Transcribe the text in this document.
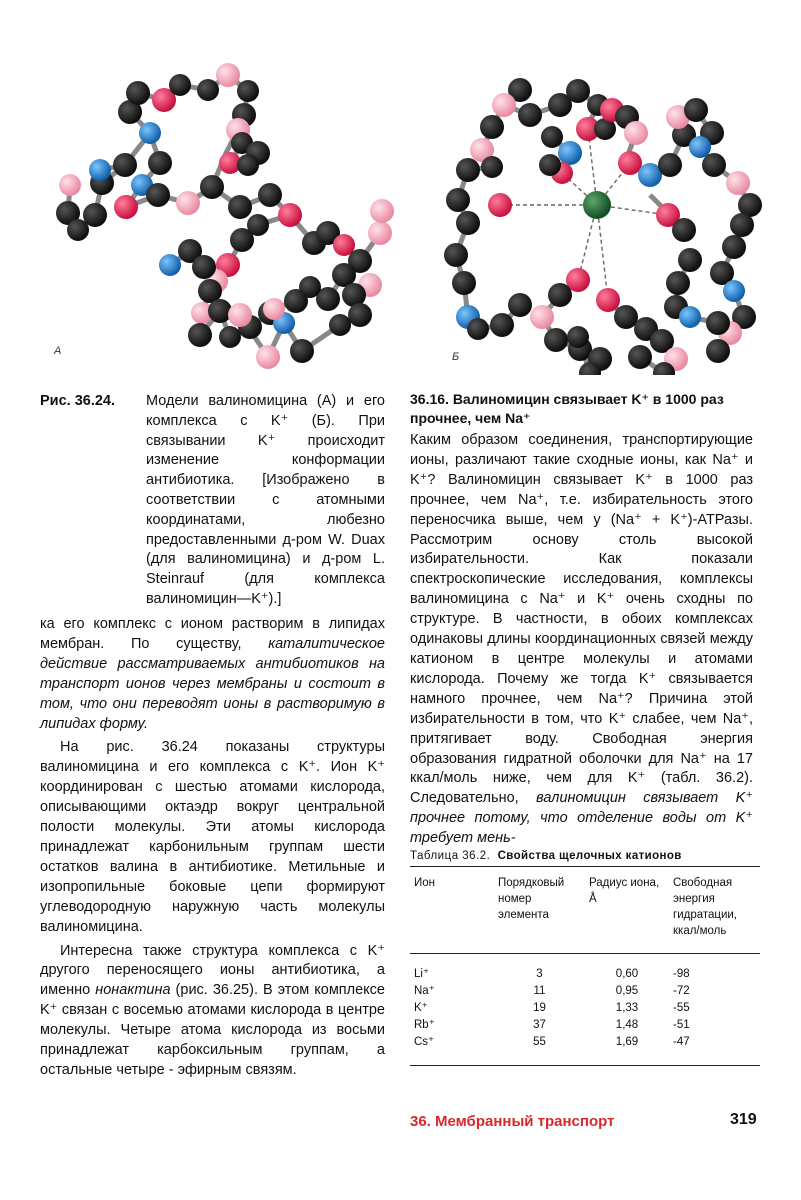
А	Б
Рис. 36.24. Модели валиномицина (А) и его комплекса с K⁺ (Б). При связывании K⁺ происходит изменение конформации антибиотика. [Изображено в соответствии с атомными координатами, любезно предоставленными д-ром W. Duax (для валиномицина) и д-ром L. Steinrauf (для комплекса валиномицин—K⁺).]

ка его комплекс с ионом растворим в липидах мембран. По существу, каталитическое действие рассматриваемых антибиотиков на транспорт ионов через мембраны и состоит в том, что они переводят ионы в растворимую в липидах форму.

На рис. 36.24 показаны структуры валиномицина и его комплекса с K⁺. Ион K⁺ координирован с шестью атомами кислорода, описывающими октаэдр вокруг центральной полости молекулы. Эти атомы кислорода принадлежат карбонильным группам шести остатков валина в антибиотике. Метильные и изопропильные боковые цепи формируют углеводородную наружную часть молекулы валиномицина.

Интересна также структура комплекса с K⁺ другого переносящего ионы антибиотика, а именно нонактина (рис. 36.25). В этом комплексе K⁺ связан с восемью атомами кислорода в центре молекулы. Четыре атома кислорода из восьми принадлежат карбоксильным группам, а остальные четыре - эфирным связям.

36.16. Валиномицин связывает K⁺ в 1000 раз прочнее, чем Na⁺

Каким образом соединения, транспортирующие ионы, различают такие сходные ионы, как Na⁺ и K⁺? Валиномицин связывает K⁺ в 1000 раз прочнее, чем Na⁺, т.е. избирательность этого переносчика выше, чем у (Na⁺ + K⁺)-АТРазы. Рассмотрим основу столь высокой избирательности. Как показали спектроскопические исследования, комплексы валиномицина с Na⁺ и K⁺ очень сходны по структуре. В частности, в обоих комплексах одинаковы длины координационных связей между катионом в центре молекулы и атомами кислорода. Почему же тогда K⁺ связывается намного прочнее, чем Na⁺? Причина этой избирательности в том, что K⁺ слабее, чем Na⁺, притягивает воду. Свободная энергия образования гидратной оболочки для Na⁺ на 17 ккал/моль ниже, чем для K⁺ (табл. 36.2). Следовательно, валиномицин связывает K⁺ прочнее потому, что отделение воды от K⁺ требует мень-

Таблица 36.2. Свойства щелочных катионов
Ион	Порядковый номер элемента	Радиус иона, Å	Свободная энергия гидратации, ккал/моль
Li⁺	3	0,60	-98
Na⁺	11	0,95	-72
K⁺	19	1,33	-55
Rb⁺	37	1,48	-51
Cs⁺	55	1,69	-47
36. Мембранный транспорт	319
